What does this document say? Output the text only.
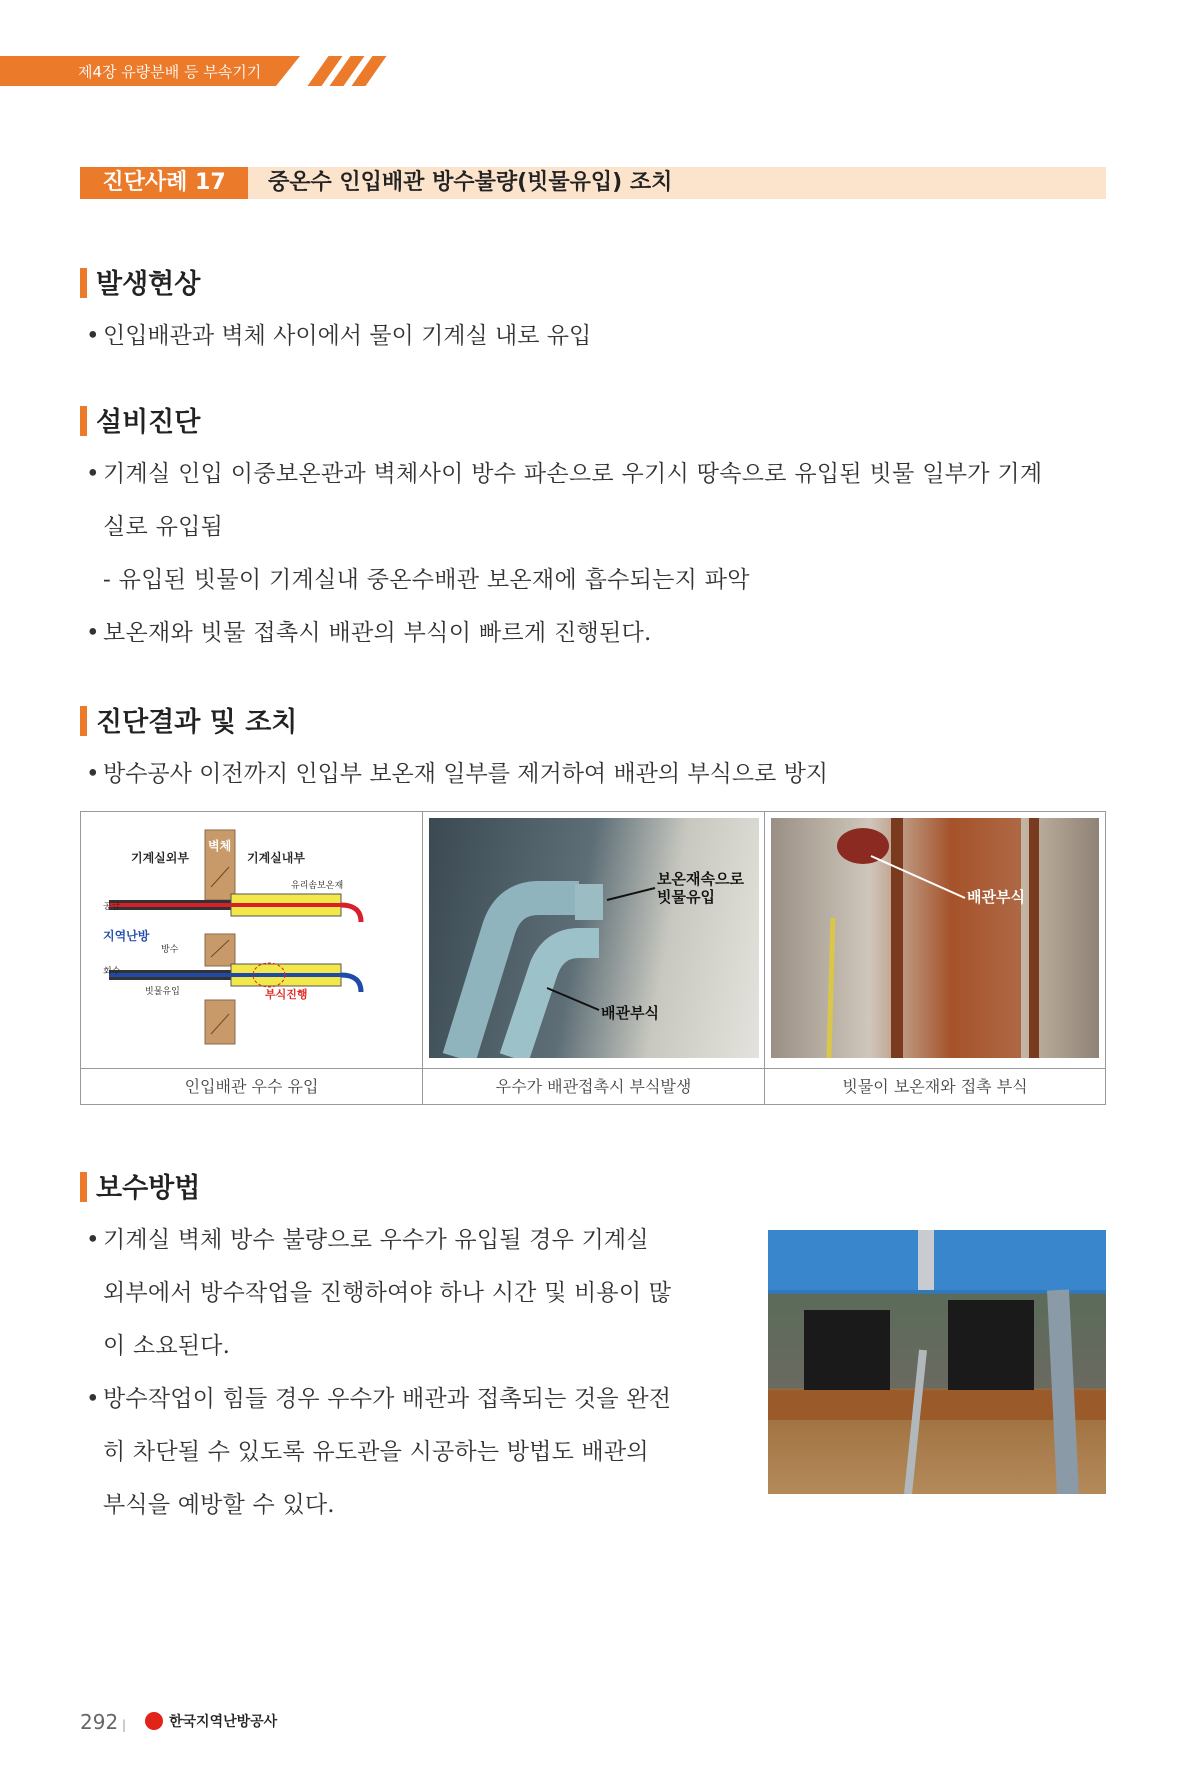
제4장 유량분배 등 부속기기
진단사례 17	중온수 인입배관 방수불량(빗물유입) 조치
발생현상
• 인입배관과 벽체 사이에서 물이 기계실 내로 유입
설비진단
• 기계실 인입 이중보온관과 벽체사이 방수 파손으로 우기시 땅속으로 유입된 빗물 일부가 기계
실로 유입됨
- 유입된 빗물이 기계실내 중온수배관 보온재에 흡수되는지 파악
• 보온재와 빗물 접촉시 배관의 부식이 빠르게 진행된다.
진단결과 및 조치
• 방수공사 이전까지 인입부 보온재 일부를 제거하여 배관의 부식으로 방지
기계실외부
벽체
기계실내부
유리솜보온재
공급
지역난방
방수
회수
빗물유입	부식진행
보온재속으로
빗물유입
배관부식
배관부식
인입배관 우수 유입	우수가 배관접촉시 부식발생	빗물이 보온재와 접촉 부식
보수방법
• 기계실 벽체 방수 불량으로 우수가 유입될 경우 기계실
외부에서 방수작업을 진행하여야 하나 시간 및 비용이 많
이 소요된다.
• 방수작업이 힘들 경우 우수가 배관과 접촉되는 것을 완전
히 차단될 수 있도록 유도관을 시공하는 방법도 배관의
부식을 예방할 수 있다.
292 |	한국지역난방공사
